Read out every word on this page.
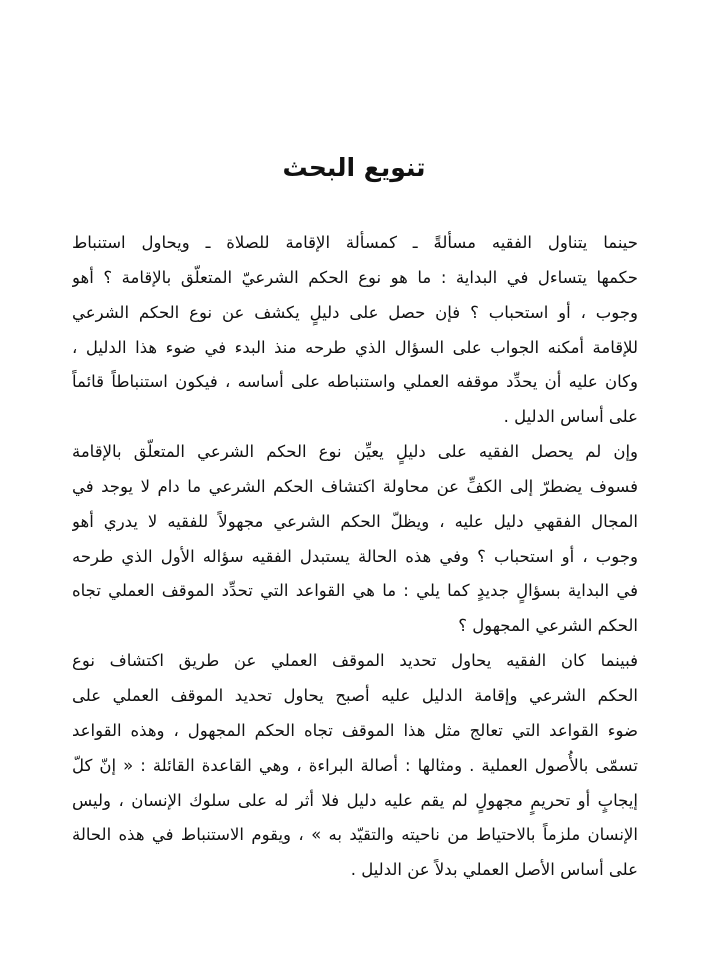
تنويع البحث
حينما يتناول الفقيه مسألةً ـ كمسألة الإقامة للصلاة ـ ويحاول استنباط
حكمها يتساءل في البداية : ما هو نوع الحكم الشرعيّ المتعلّق بالإقامة ؟ أهو
وجوب ، أو استحباب ؟ فإن حصل على دليلٍ يكشف عن نوع الحكم الشرعي
للإقامة أمكنه الجواب على السؤال الذي طرحه منذ البدء في ضوء هذا الدليل ،
وكان عليه أن يحدِّد موقفه العملي واستنباطه على أساسه ، فيكون استنباطاً قائماً
على أساس الدليل .
وإن لم يحصل الفقيه على دليلٍ يعيِّن نوع الحكم الشرعي المتعلّق بالإقامة
فسوف يضطرّ إلى الكفِّ عن محاولة اكتشاف الحكم الشرعي ما دام لا يوجد في
المجال الفقهي دليل عليه ، ويظلّ الحكم الشرعي مجهولاً للفقيه لا يدري أهو
وجوب ، أو استحباب ؟ وفي هذه الحالة يستبدل الفقيه سؤاله الأول الذي طرحه
في البداية بسؤالٍ جديدٍ كما يلي : ما هي القواعد التي تحدِّد الموقف العملي تجاه
الحكم الشرعي المجهول ؟
فبينما كان الفقيه يحاول تحديد الموقف العملي عن طريق اكتشاف نوع
الحكم الشرعي وإقامة الدليل عليه أصبح يحاول تحديد الموقف العملي على
ضوء القواعد التي تعالج مثل هذا الموقف تجاه الحكم المجهول ، وهذه القواعد
تسمّى بالأُصول العملية . ومثالها : أصالة البراءة ، وهي القاعدة القائلة : « إنّ كلّ
إيجابٍ أو تحريمٍ مجهولٍ لم يقم عليه دليل فلا أثر له على سلوك الإنسان ، وليس
الإنسان ملزماً بالاحتياط من ناحيته والتقيّد به » ، ويقوم الاستنباط في هذه الحالة
على أساس الأصل العملي بدلاً عن الدليل .
